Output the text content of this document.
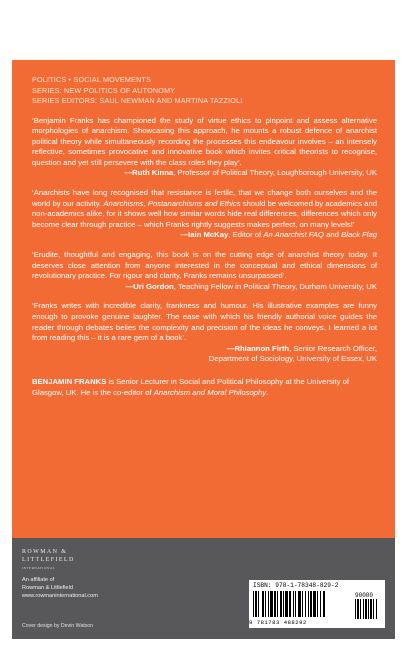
POLITICS • SOCIAL MOVEMENTS
SERIES: NEW POLITICS OF AUTONOMY
SERIES EDITORS: SAUL NEWMAN AND MARTINA TAZZIOLI

‘Benjamin Franks has championed the study of virtue ethics to pinpoint and assess alternative morphologies of anarchism. Showcasing this approach, he mounts a robust defence of anarchist political theory while simultaneously recording the processes this endeavour involves – an intensely reflective, sometimes provocative and innovative book which invites critical theorists to recognise, question and yet still persevere with the class roles they play’.

—Ruth Kinna, Professor of Political Theory, Loughborough University, UK

‘Anarchists have long recognised that resistance is fertile, that we change both ourselves and the world by our activity. Anarchisms, Postanarchisms and Ethics should be welcomed by academics and non-academics alike, for it shows well how similar words hide real differences, differences which only become clear through practice – which Franks rightly suggests makes perfect, on many levels!’

—Iain McKay, Editor of An Anarchist FAQ and Black Flag

‘Erudite, thoughtful and engaging, this book is on the cutting edge of anarchist theory today. It deserves close attention from anyone interested in the conceptual and ethical dimensions of revolutionary practice. For rigour and clarity, Franks remains unsurpassed’.

—Uri Gordon, Teaching Fellow in Political Theory, Durham University, UK

‘Franks writes with incredible clarity, frankness and humour. His illustrative examples are funny enough to provoke genuine laughter. The ease with which his friendly authorial voice guides the reader through debates belies the complexity and precision of the ideas he conveys. I learned a lot from reading this – it is a rare gem of a book’.

—Rhiannon Firth, Senior Research Officer,
Department of Sociology, University of Essex, UK
BENJAMIN FRANKS is Senior Lecturer in Social and Political Philosophy at the University of Glasgow, UK. He is the co-editor of Anarchism and Moral Philosophy.
ROWMAN &
LITTLEFIELD
INTERNATIONAL
An affiliate of
Rowman & Littlefield
www.rowmaninternational.com
Cover design by Devin Watson
ISBN: 978-1-78348-829-2
90000
9 781783 488292
